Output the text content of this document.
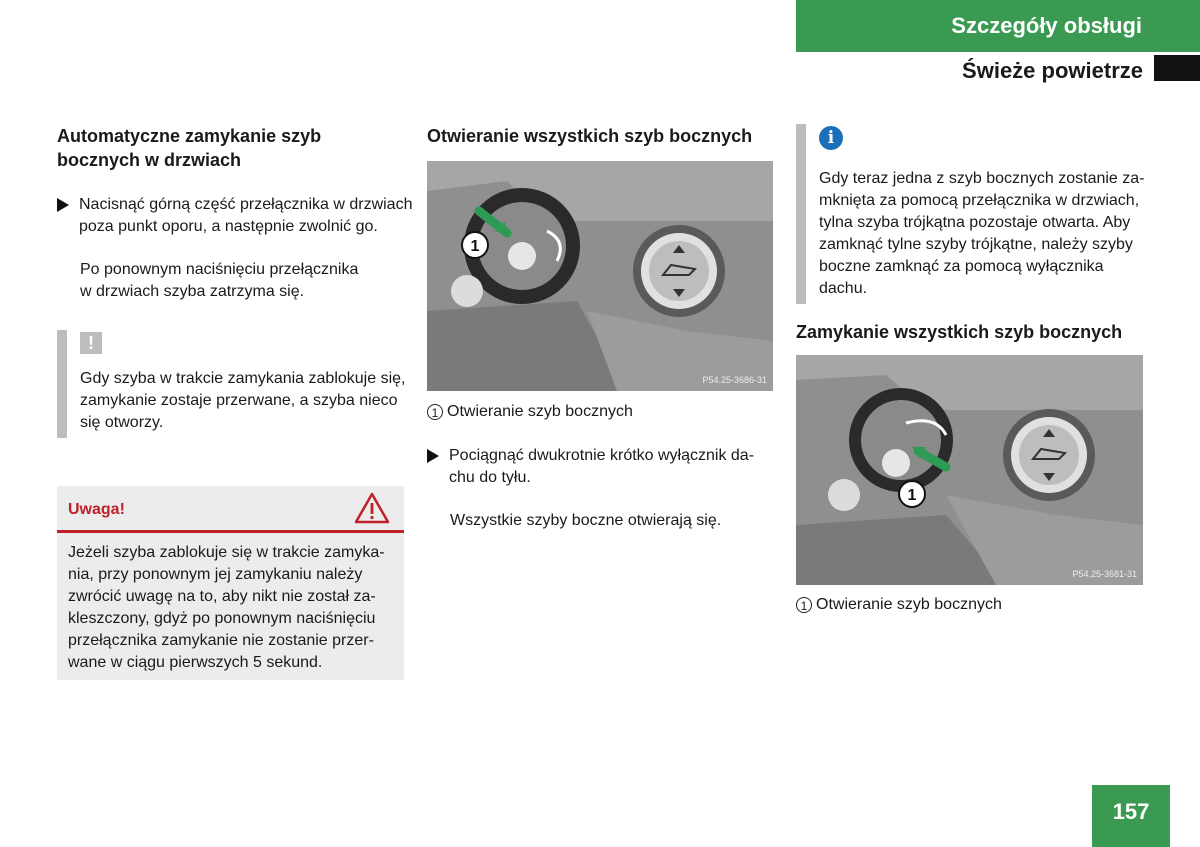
Szczegóły obsługi
Świeże powietrze
Automatyczne zamykanie szyb
bocznych w drzwiach
Nacisnąć górną część przełącznika w drzwiach
poza punkt oporu, a następnie zwolnić go.
Po ponownym naciśnięciu przełącznika
w drzwiach szyba zatrzyma się.
!
Gdy szyba w trakcie zamykania zablokuje się,
zamykanie zostaje przerwane, a szyba nieco
się otworzy.
Uwaga!
Jeżeli szyba zablokuje się w trakcie zamyka-
nia, przy ponownym jej zamykaniu należy
zwrócić uwagę na to, aby nikt nie został za-
kleszczony, gdyż po ponownym naciśnięciu
przełącznika zamykanie nie zostanie przer-
wane w ciągu pierwszych 5 sekund.
Otwieranie wszystkich szyb bocznych
1
P54.25-3686-31
1 Otwieranie szyb bocznych
Pociągnąć dwukrotnie krótko wyłącznik da-
chu do tyłu.
Wszystkie szyby boczne otwierają się.
i
Gdy teraz jedna z szyb bocznych zostanie za-
mknięta za pomocą przełącznika w drzwiach,
tylna szyba trójkątna pozostaje otwarta. Aby
zamknąć tylne szyby trójkątne, należy szyby
boczne zamknąć za pomocą wyłącznika
dachu.
Zamykanie wszystkich szyb bocznych
1
P54.25-3681-31
1 Otwieranie szyb bocznych
157
